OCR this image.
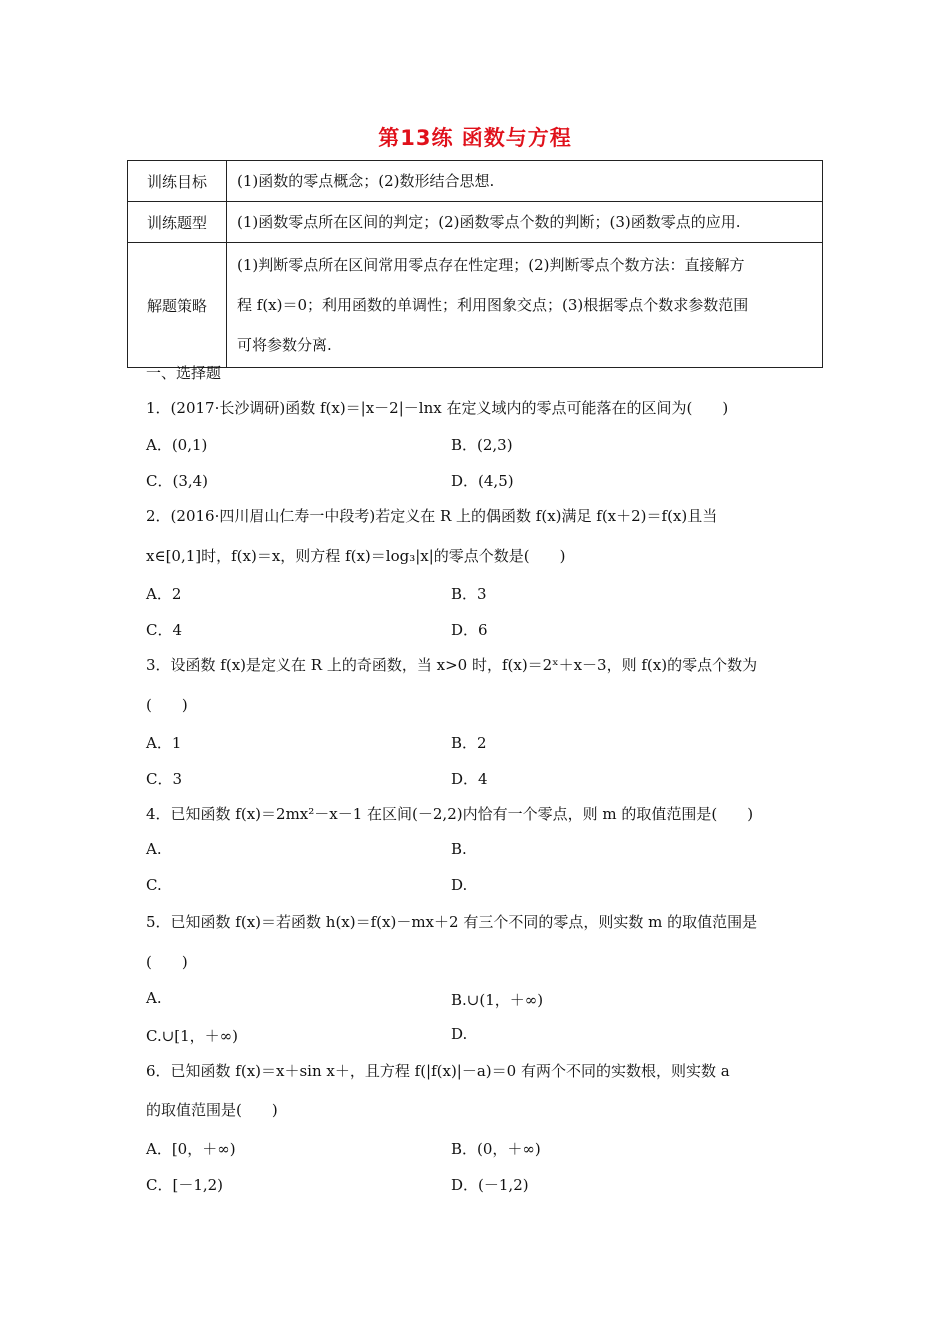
第13练 函数与方程
训练目标	(1)函数的零点概念；(2)数形结合思想.
训练题型	(1)函数零点所在区间的判定；(2)函数零点个数的判断；(3)函数零点的应用.
解题策略	(1)判断零点所在区间常用零点存在性定理；(2)判断零点个数方法：直接解方
程 f(x)＝0；利用函数的单调性；利用图象交点；(3)根据零点个数求参数范围
可将参数分离.
一、选择题
1．(2017·长沙调研)函数 f(x)＝|x－2|－lnx 在定义域内的零点可能落在的区间为(　　)
A．(0,1)	B．(2,3)
C．(3,4)	D．(4,5)
2．(2016·四川眉山仁寿一中段考)若定义在 R 上的偶函数 f(x)满足 f(x＋2)＝f(x)且当
x∈[0,1]时，f(x)＝x，则方程 f(x)＝log₃|x|的零点个数是(　　)
A．2	B．3
C．4	D．6
3．设函数 f(x)是定义在 R 上的奇函数，当 x>0 时，f(x)＝2ˣ＋x－3，则 f(x)的零点个数为
(　　)
A．1	B．2
C．3	D．4
4．已知函数 f(x)＝2mx²－x－1 在区间(－2,2)内恰有一个零点，则 m 的取值范围是(　　)
A.	B.
C.	D.
5．已知函数 f(x)＝若函数 h(x)＝f(x)－mx＋2 有三个不同的零点，则实数 m 的取值范围是
(　　)
A.	B.∪(1，＋∞)
C.∪[1，＋∞)	D.
6．已知函数 f(x)＝x＋sin x＋，且方程 f(|f(x)|－a)＝0 有两个不同的实数根，则实数 a
的取值范围是(　　)
A．[0，＋∞)	B．(0，＋∞)
C．[－1,2)	D．(－1,2)
